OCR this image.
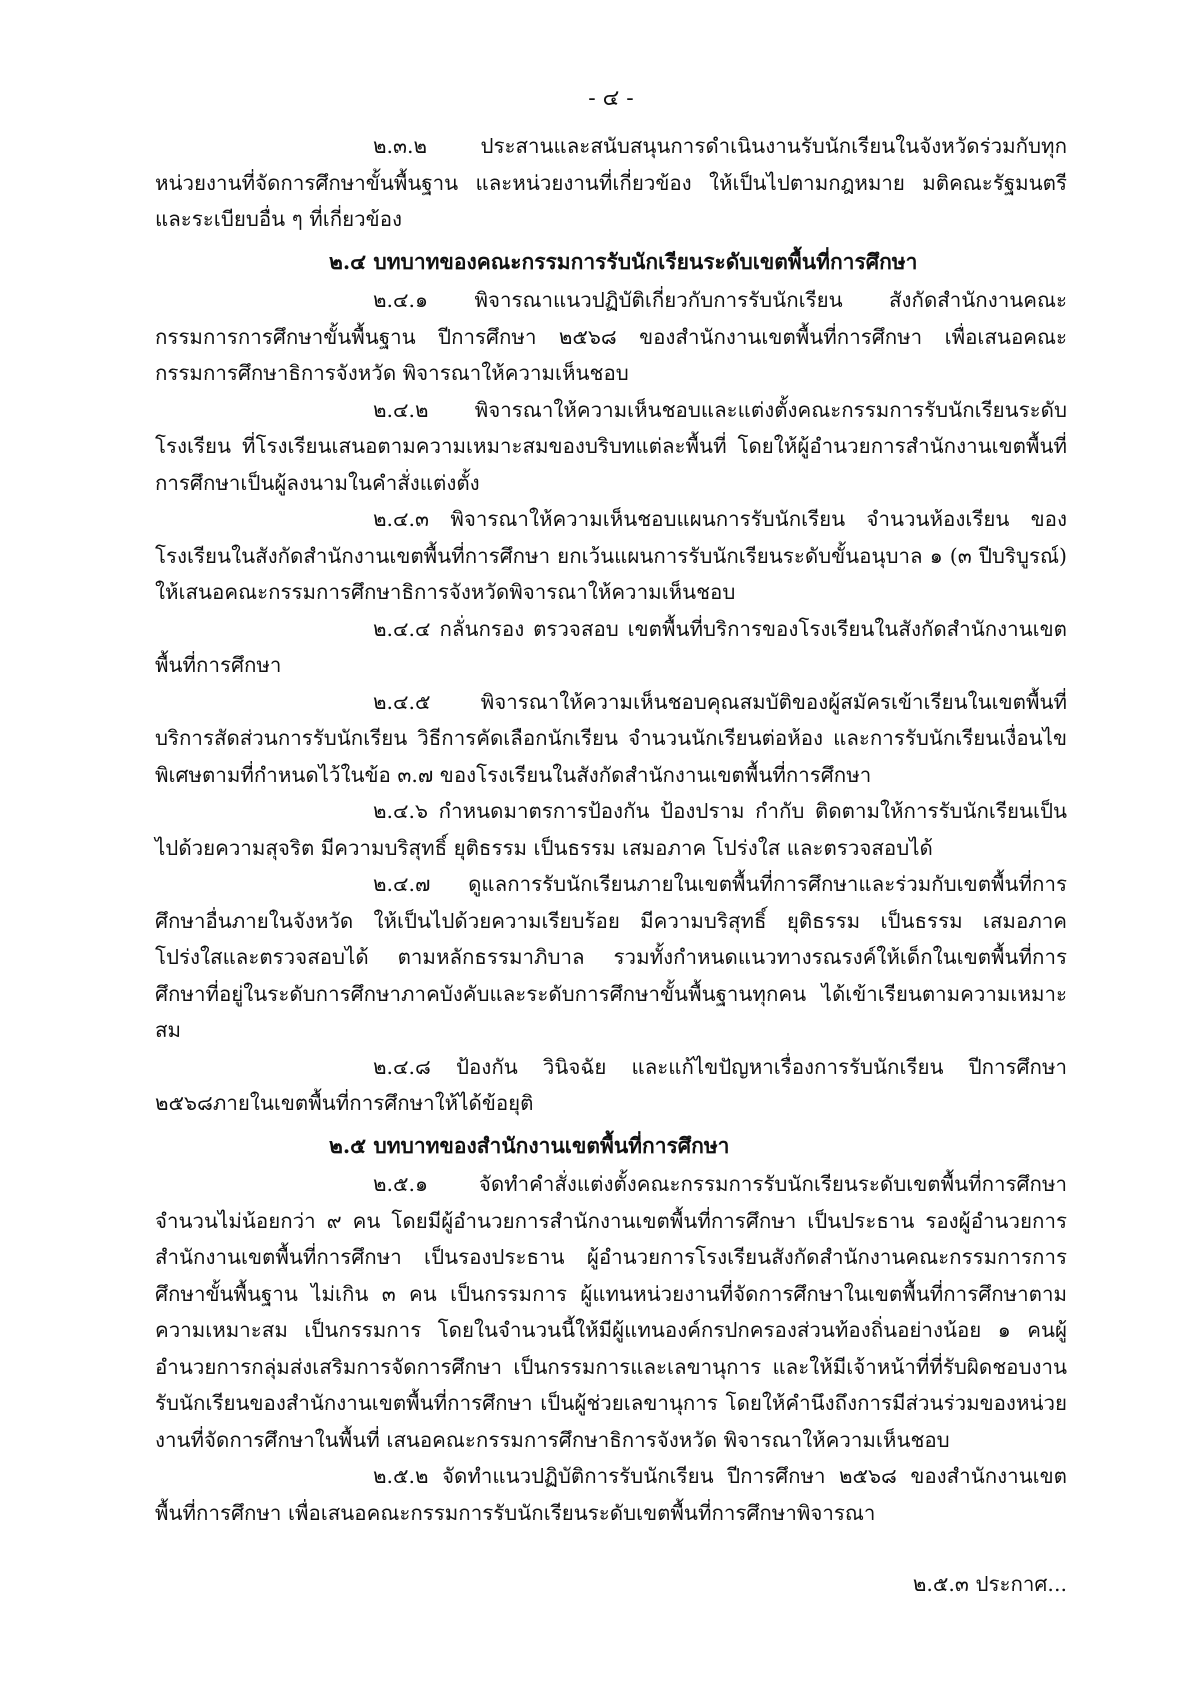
- ๔ -

๒.๓.๒ ประสานและสนับสนุนการดำเนินงานรับนักเรียนในจังหวัดร่วมกับทุกหน่วยงานที่จัดการศึกษาขั้นพื้นฐาน และหน่วยงานที่เกี่ยวข้อง ให้เป็นไปตามกฎหมาย มติคณะรัฐมนตรี และระเบียบอื่น ๆ ที่เกี่ยวข้อง

๒.๔ บทบาทของคณะกรรมการรับนักเรียนระดับเขตพื้นที่การศึกษา

๒.๔.๑ พิจารณาแนวปฏิบัติเกี่ยวกับการรับนักเรียน สังกัดสำนักงานคณะกรรมการการศึกษาขั้นพื้นฐาน ปีการศึกษา ๒๕๖๘ ของสำนักงานเขตพื้นที่การศึกษา เพื่อเสนอคณะกรรมการศึกษาธิการจังหวัด พิจารณาให้ความเห็นชอบ

๒.๔.๒ พิจารณาให้ความเห็นชอบและแต่งตั้งคณะกรรมการรับนักเรียนระดับโรงเรียน ที่โรงเรียนเสนอตามความเหมาะสมของบริบทแต่ละพื้นที่ โดยให้ผู้อำนวยการสำนักงานเขตพื้นที่การศึกษาเป็นผู้ลงนามในคำสั่งแต่งตั้ง

๒.๔.๓ พิจารณาให้ความเห็นชอบแผนการรับนักเรียน จำนวนห้องเรียน ของโรงเรียนในสังกัดสำนักงานเขตพื้นที่การศึกษา ยกเว้นแผนการรับนักเรียนระดับขั้นอนุบาล ๑ (๓ ปีบริบูรณ์) ให้เสนอคณะกรรมการศึกษาธิการจังหวัดพิจารณาให้ความเห็นชอบ

๒.๔.๔ กลั่นกรอง ตรวจสอบ เขตพื้นที่บริการของโรงเรียนในสังกัดสำนักงานเขตพื้นที่การศึกษา

๒.๔.๕ พิจารณาให้ความเห็นชอบคุณสมบัติของผู้สมัครเข้าเรียนในเขตพื้นที่บริการสัดส่วนการรับนักเรียน วิธีการคัดเลือกนักเรียน จำนวนนักเรียนต่อห้อง และการรับนักเรียนเงื่อนไขพิเศษตามที่กำหนดไว้ในข้อ ๓.๗ ของโรงเรียนในสังกัดสำนักงานเขตพื้นที่การศึกษา

๒.๔.๖ กำหนดมาตรการป้องกัน ป้องปราม กำกับ ติดตามให้การรับนักเรียนเป็นไปด้วยความสุจริต มีความบริสุทธิ์ ยุติธรรม เป็นธรรม เสมอภาค โปร่งใส และตรวจสอบได้

๒.๔.๗ ดูแลการรับนักเรียนภายในเขตพื้นที่การศึกษาและร่วมกับเขตพื้นที่การศึกษาอื่นภายในจังหวัด ให้เป็นไปด้วยความเรียบร้อย มีความบริสุทธิ์ ยุติธรรม เป็นธรรม เสมอภาค โปร่งใสและตรวจสอบได้ ตามหลักธรรมาภิบาล รวมทั้งกำหนดแนวทางรณรงค์ให้เด็กในเขตพื้นที่การศึกษาที่อยู่ในระดับการศึกษาภาคบังคับและระดับการศึกษาขั้นพื้นฐานทุกคน ได้เข้าเรียนตามความเหมาะสม

๒.๔.๘ ป้องกัน วินิจฉัย และแก้ไขปัญหาเรื่องการรับนักเรียน ปีการศึกษา ๒๕๖๘ภายในเขตพื้นที่การศึกษาให้ได้ข้อยุติ

๒.๕ บทบาทของสำนักงานเขตพื้นที่การศึกษา

๒.๕.๑ จัดทำคำสั่งแต่งตั้งคณะกรรมการรับนักเรียนระดับเขตพื้นที่การศึกษาจำนวนไม่น้อยกว่า ๙ คน โดยมีผู้อำนวยการสำนักงานเขตพื้นที่การศึกษา เป็นประธาน รองผู้อำนวยการสำนักงานเขตพื้นที่การศึกษา เป็นรองประธาน ผู้อำนวยการโรงเรียนสังกัดสำนักงานคณะกรรมการการศึกษาขั้นพื้นฐาน ไม่เกิน ๓ คน เป็นกรรมการ ผู้แทนหน่วยงานที่จัดการศึกษาในเขตพื้นที่การศึกษาตามความเหมาะสม เป็นกรรมการ โดยในจำนวนนี้ให้มีผู้แทนองค์กรปกครองส่วนท้องถิ่นอย่างน้อย ๑ คนผู้อำนวยการกลุ่มส่งเสริมการจัดการศึกษา เป็นกรรมการและเลขานุการ และให้มีเจ้าหน้าที่ที่รับผิดชอบงานรับนักเรียนของสำนักงานเขตพื้นที่การศึกษา เป็นผู้ช่วยเลขานุการ โดยให้คำนึงถึงการมีส่วนร่วมของหน่วยงานที่จัดการศึกษาในพื้นที่ เสนอคณะกรรมการศึกษาธิการจังหวัด พิจารณาให้ความเห็นชอบ

๒.๕.๒ จัดทำแนวปฏิบัติการรับนักเรียน ปีการศึกษา ๒๕๖๘ ของสำนักงานเขตพื้นที่การศึกษา เพื่อเสนอคณะกรรมการรับนักเรียนระดับเขตพื้นที่การศึกษาพิจารณา

๒.๕.๓ ประกาศ...
